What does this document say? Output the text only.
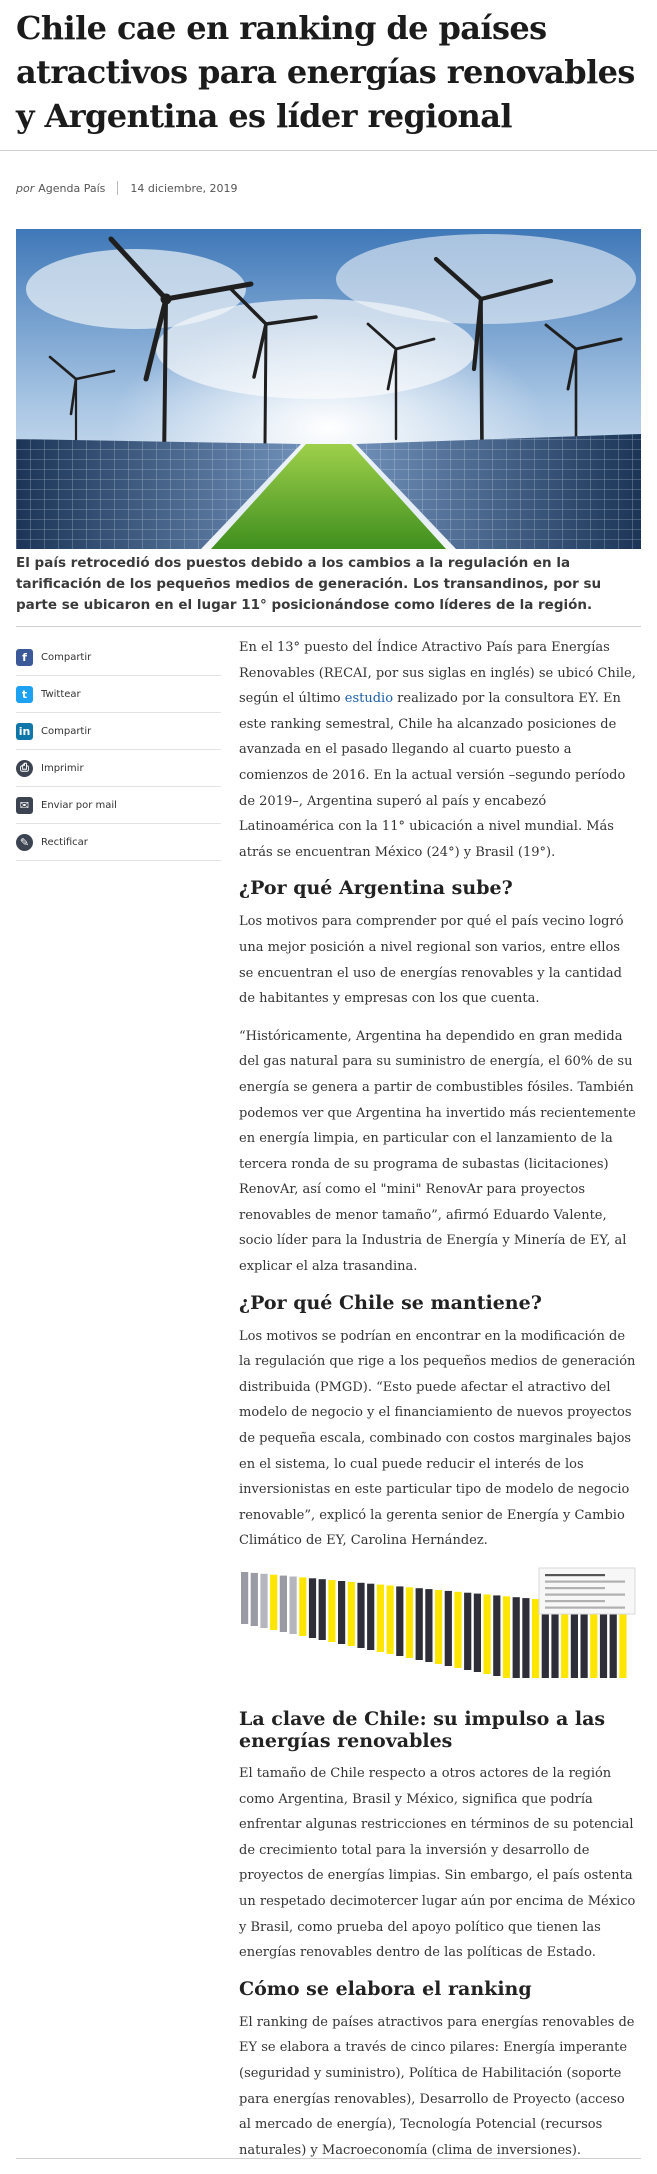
Chile cae en ranking de países atractivos para energías renovables y Argentina es líder regional
por Agenda País 14 diciembre, 2019

El país retrocedió dos puestos debido a los cambios a la regulación en la tarificación de los pequeños medios de generación. Los transandinos, por su parte se ubicaron en el lugar 11° posicionándose como líderes de la región.

f	Compartir
t	Twittear
in Compartir
⎙	Imprimir
✉	Enviar por mail
✎	Rectificar

En el 13° puesto del Índice Atractivo País para Energías Renovables (RECAI, por sus siglas en inglés) se ubicó Chile, según el último estudio realizado por la consultora EY. En este ranking semestral, Chile ha alcanzado posiciones de avanzada en el pasado llegando al cuarto puesto a comienzos de 2016. En la actual versión –segundo período de 2019–, Argentina superó al país y encabezó Latinoamérica con la 11° ubicación a nivel mundial. Más atrás se encuentran México (24°) y Brasil (19°).

¿Por qué Argentina sube?

Los motivos para comprender por qué el país vecino logró una mejor posición a nivel regional son varios, entre ellos se encuentran el uso de energías renovables y la cantidad de habitantes y empresas con los que cuenta.

“Históricamente, Argentina ha dependido en gran medida del gas natural para su suministro de energía, el 60% de su energía se genera a partir de combustibles fósiles. También podemos ver que Argentina ha invertido más recientemente en energía limpia, en particular con el lanzamiento de la tercera ronda de su programa de subastas (licitaciones) RenovAr, así como el "mini" RenovAr para proyectos renovables de menor tamaño”, afirmó Eduardo Valente, socio líder para la Industria de Energía y Minería de EY, al explicar el alza trasandina.

¿Por qué Chile se mantiene?

Los motivos se podrían en encontrar en la modificación de la regulación que rige a los pequeños medios de generación distribuida (PMGD). “Esto puede afectar el atractivo del modelo de negocio y el financiamiento de nuevos proyectos de pequeña escala, combinado con costos marginales bajos en el sistema, lo cual puede reducir el interés de los inversionistas en este particular tipo de modelo de negocio renovable”, explicó la gerenta senior de Energía y Cambio Climático de EY, Carolina Hernández.

La clave de Chile: su impulso a las energías renovables

El tamaño de Chile respecto a otros actores de la región como Argentina, Brasil y México, significa que podría enfrentar algunas restricciones en términos de su potencial de crecimiento total para la inversión y desarrollo de proyectos de energías limpias. Sin embargo, el país ostenta un respetado decimotercer lugar aún por encima de México y Brasil, como prueba del apoyo político que tienen las energías renovables dentro de las políticas de Estado.

Cómo se elabora el ranking

El ranking de países atractivos para energías renovables de EY se elabora a través de cinco pilares: Energía imperante (seguridad y suministro), Política de Habilitación (soporte para energías renovables), Desarrollo de Proyecto (acceso al mercado de energía), Tecnología Potencial (recursos naturales) y Macroeconomía (clima de inversiones).
